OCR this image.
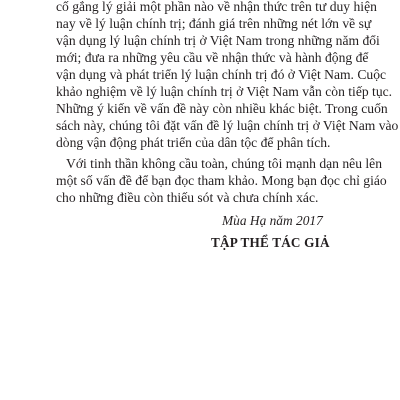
cố gắng lý giải một phần nào về nhận thức trên tư duy hiện
nay về lý luận chính trị; đánh giá trên những nét lớn về sự
vận dụng lý luận chính trị ở Việt Nam trong những năm đổi
mới; đưa ra những yêu cầu về nhận thức và hành động để
vận dụng và phát triển lý luận chính trị đó ở Việt Nam. Cuộc
khảo nghiệm về lý luận chính trị ở Việt Nam vẫn còn tiếp tục.
Những ý kiến về vấn đề này còn nhiều khác biệt. Trong cuốn
sách này, chúng tôi đặt vấn đề lý luận chính trị ở Việt Nam vào
dòng vận động phát triển của dân tộc để phân tích.
Với tinh thần không cầu toàn, chúng tôi mạnh dạn nêu lên
một số vấn đề để bạn đọc tham khảo. Mong bạn đọc chỉ giáo
cho những điều còn thiếu sót và chưa chính xác.
Mùa Hạ năm 2017
TẬP THỂ TÁC GIẢ
